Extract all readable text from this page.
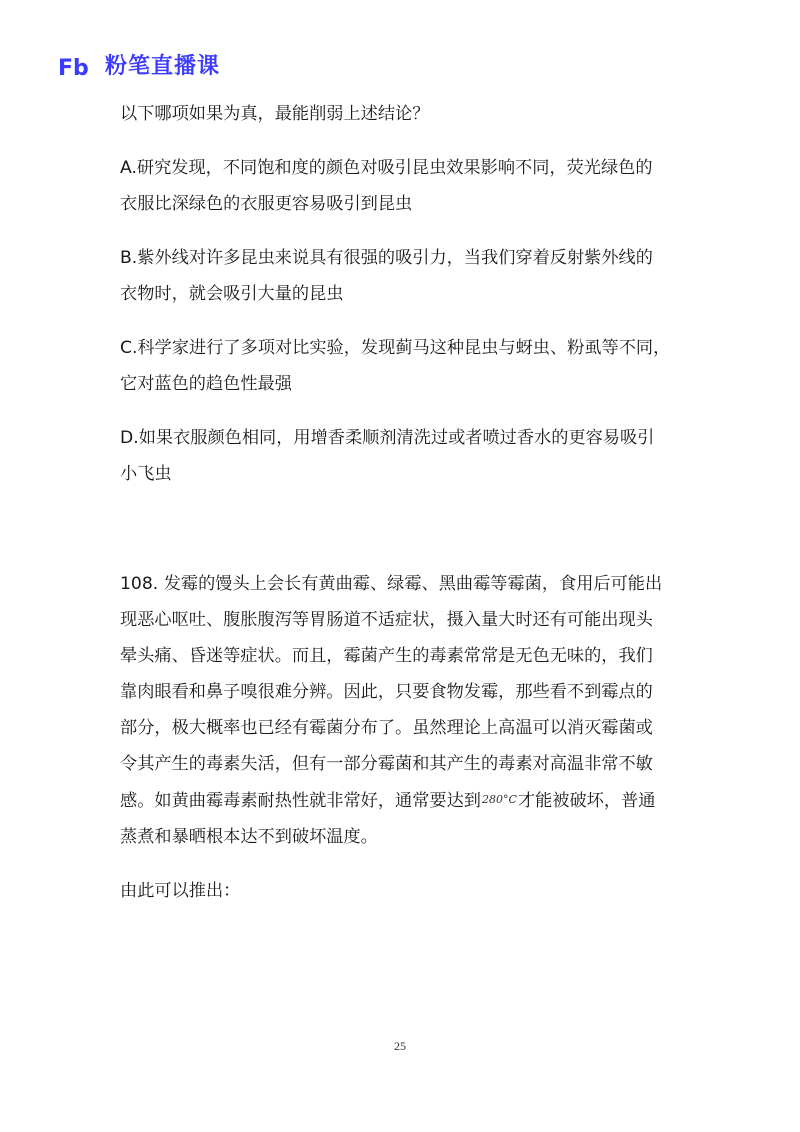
Fb 粉笔直播课

以下哪项如果为真，最能削弱上述结论？

A.研究发现，不同饱和度的颜色对吸引昆虫效果影响不同，荧光绿色的

衣服比深绿色的衣服更容易吸引到昆虫

B.紫外线对许多昆虫来说具有很强的吸引力，当我们穿着反射紫外线的

衣物时，就会吸引大量的昆虫

C.科学家进行了多项对比实验，发现蓟马这种昆虫与蚜虫、粉虱等不同，

它对蓝色的趋色性最强

D.如果衣服颜色相同，用增香柔顺剂清洗过或者喷过香水的更容易吸引

小飞虫

108. 发霉的馒头上会长有黄曲霉、绿霉、黑曲霉等霉菌，食用后可能出

现恶心呕吐、腹胀腹泻等胃肠道不适症状，摄入量大时还有可能出现头

晕头痛、昏迷等症状。而且，霉菌产生的毒素常常是无色无味的，我们

靠肉眼看和鼻子嗅很难分辨。因此，只要食物发霉，那些看不到霉点的

部分，极大概率也已经有霉菌分布了。虽然理论上高温可以消灭霉菌或

令其产生的毒素失活，但有一部分霉菌和其产生的毒素对高温非常不敏

感。如黄曲霉毒素耐热性就非常好，通常要达到280°C才能被破坏，普通

蒸煮和暴晒根本达不到破坏温度。

由此可以推出：

25
